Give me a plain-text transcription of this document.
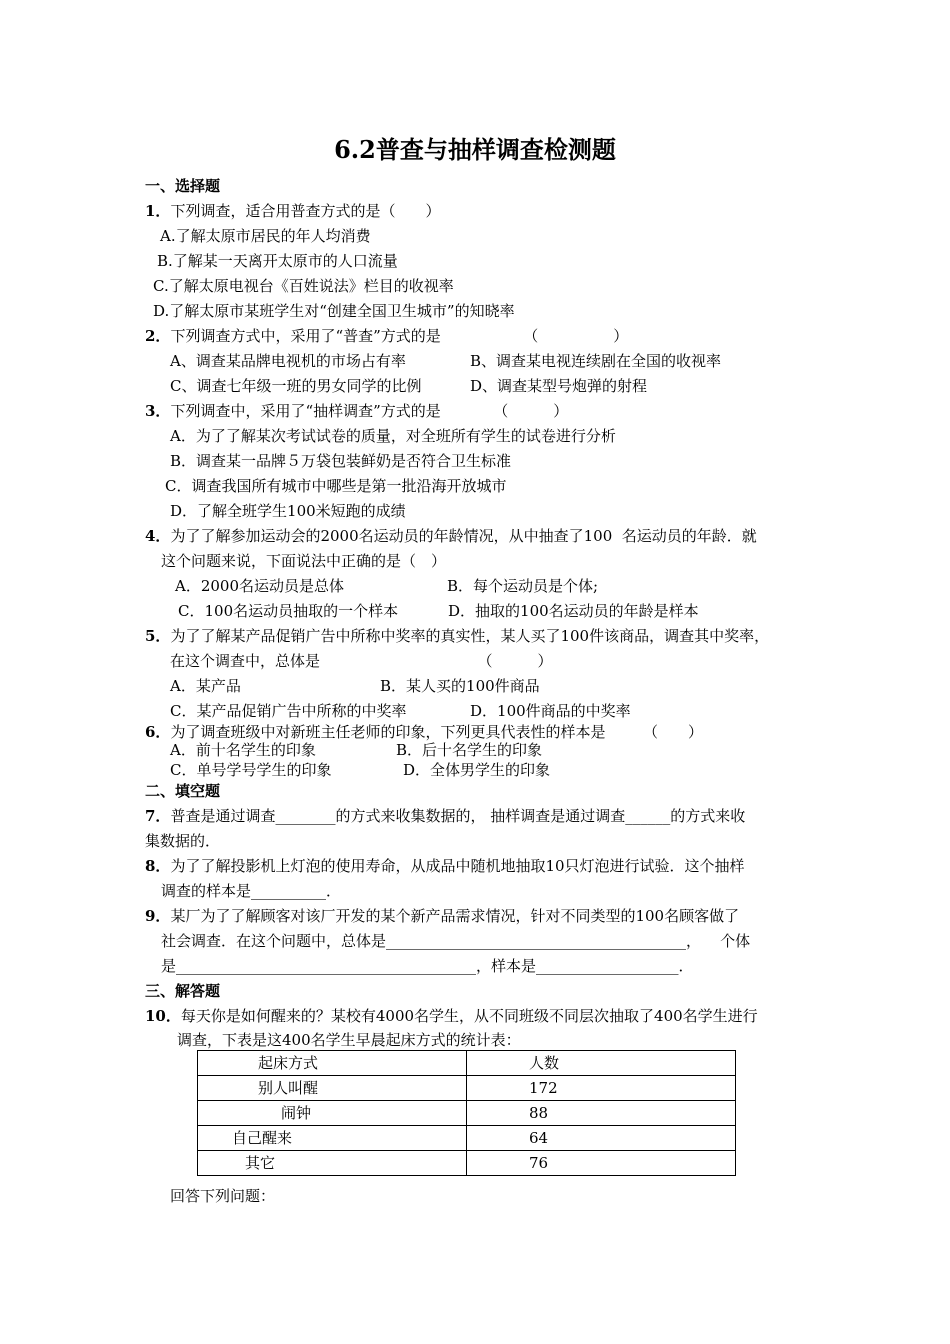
6.2普查与抽样调查检测题
一、选择题
1．下列调查，适合用普查方式的是（　　）
A.了解太原市居民的年人均消费
B.了解某一天离开太原市的人口流量
C.了解太原电视台《百姓说法》栏目的收视率
D.了解太原市某班学生对“创建全国卫生城市”的知晓率
2．下列调查方式中，采用了“普查”方式的是　　　　　　（　　　　　）
A、调查某品牌电视机的市场占有率	B、调查某电视连续剧在全国的收视率
C、调查七年级一班的男女同学的比例	D、调查某型号炮弹的射程
3．下列调查中，采用了“抽样调查”方式的是　　　　（　　　）
A．为了了解某次考试试卷的质量，对全班所有学生的试卷进行分析
B．调查某一品牌５万袋包装鲜奶是否符合卫生标准
C．调查我国所有城市中哪些是第一批沿海开放城市
D．了解全班学生100米短跑的成绩
4．为了了解参加运动会的2000名运动员的年龄情况，从中抽查了100  名运动员的年龄．就
这个问题来说，下面说法中正确的是（　）
A．2000名运动员是总体	B．每个运动员是个体;
C．100名运动员抽取的一个样本	D．抽取的100名运动员的年龄是样本
5．为了了解某产品促销广告中所称中奖率的真实性，某人买了100件该商品，调查其中奖率，
在这个调查中，总体是　　　　　　　　　　　（　　　）
A．某产品	B．某人买的100件商品
C．某产品促销广告中所称的中奖率	D．100件商品的中奖率
6．为了调查班级中对新班主任老师的印象，下列更具代表性的样本是　　　（　　）
A．前十名学生的印象	B．后十名学生的印象
C．单号学号学生的印象	D．全体男学生的印象
二、填空题
7．普查是通过调查________的方式来收集数据的， 抽样调查是通过调查______的方式来收
集数据的．
8．为了了解投影机上灯泡的使用寿命，从成品中随机地抽取10只灯泡进行试验．这个抽样
调查的样本是__________．
9．某厂为了了解顾客对该厂开发的某个新产品需求情况，针对不同类型的100名顾客做了
社会调查．在这个问题中，总体是________________________________________，    个体
是________________________________________，样本是___________________．
三、解答题
10．每天你是如何醒来的？某校有4000名学生，从不同班级不同层次抽取了400名学生进行
调查，下表是这400名学生早晨起床方式的统计表：
起床方式	人数
别人叫醒	172
闹钟	88
自己醒来	64
其它	76
回答下列问题：
